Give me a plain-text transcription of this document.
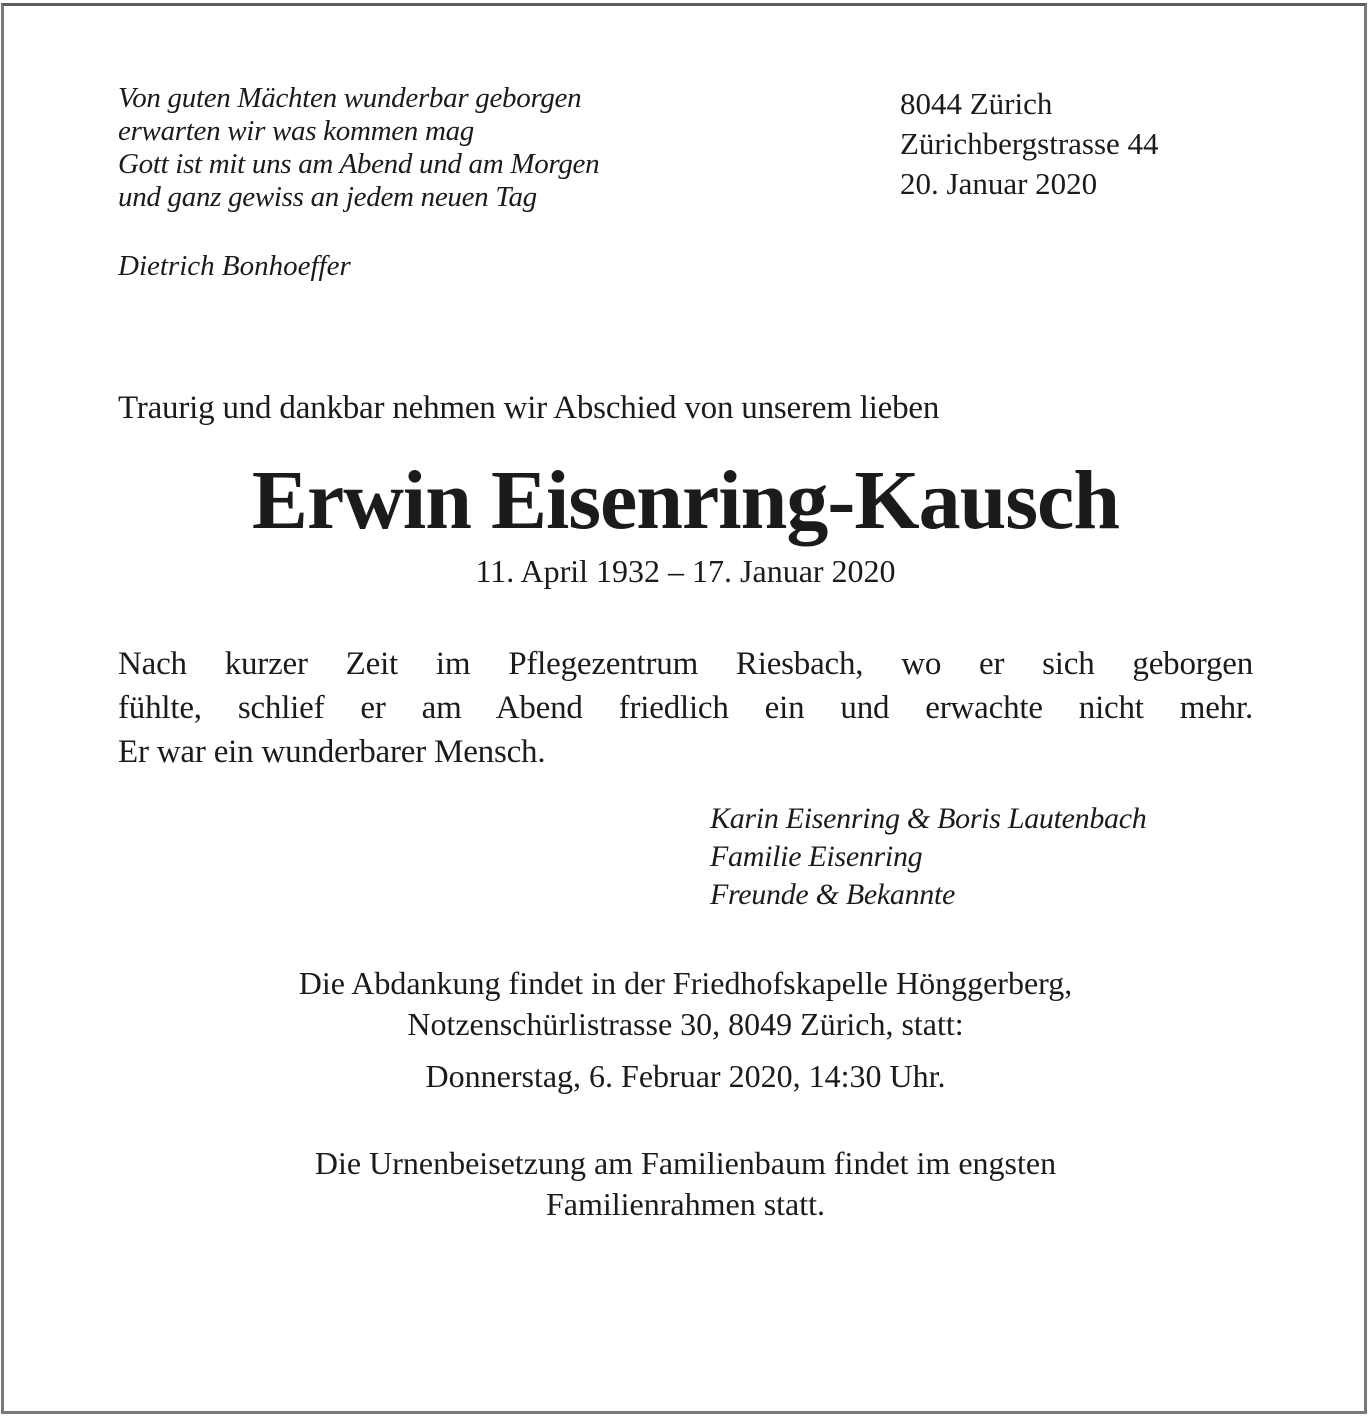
Von guten Mächten wunderbar geborgen
erwarten wir was kommen mag
Gott ist mit uns am Abend und am Morgen
und ganz gewiss an jedem neuen Tag
Dietrich Bonhoeffer
8044 Zürich
Zürichbergstrasse 44
20. Januar 2020
Traurig und dankbar nehmen wir Abschied von unserem lieben
Erwin Eisenring-Kausch
11. April 1932 – 17. Januar 2020
Nach kurzer Zeit im Pflegezentrum Riesbach, wo er sich geborgen
fühlte, schlief er am Abend friedlich ein und erwachte nicht mehr.
Er war ein wunderbarer Mensch.
Karin Eisenring & Boris Lautenbach
Familie Eisenring
Freunde & Bekannte
Die Abdankung findet in der Friedhofskapelle Hönggerberg,
Notzenschürlistrasse 30, 8049 Zürich, statt:
Donnerstag, 6. Februar 2020, 14:30 Uhr.
Die Urnenbeisetzung am Familienbaum findet im engsten
Familienrahmen statt.
